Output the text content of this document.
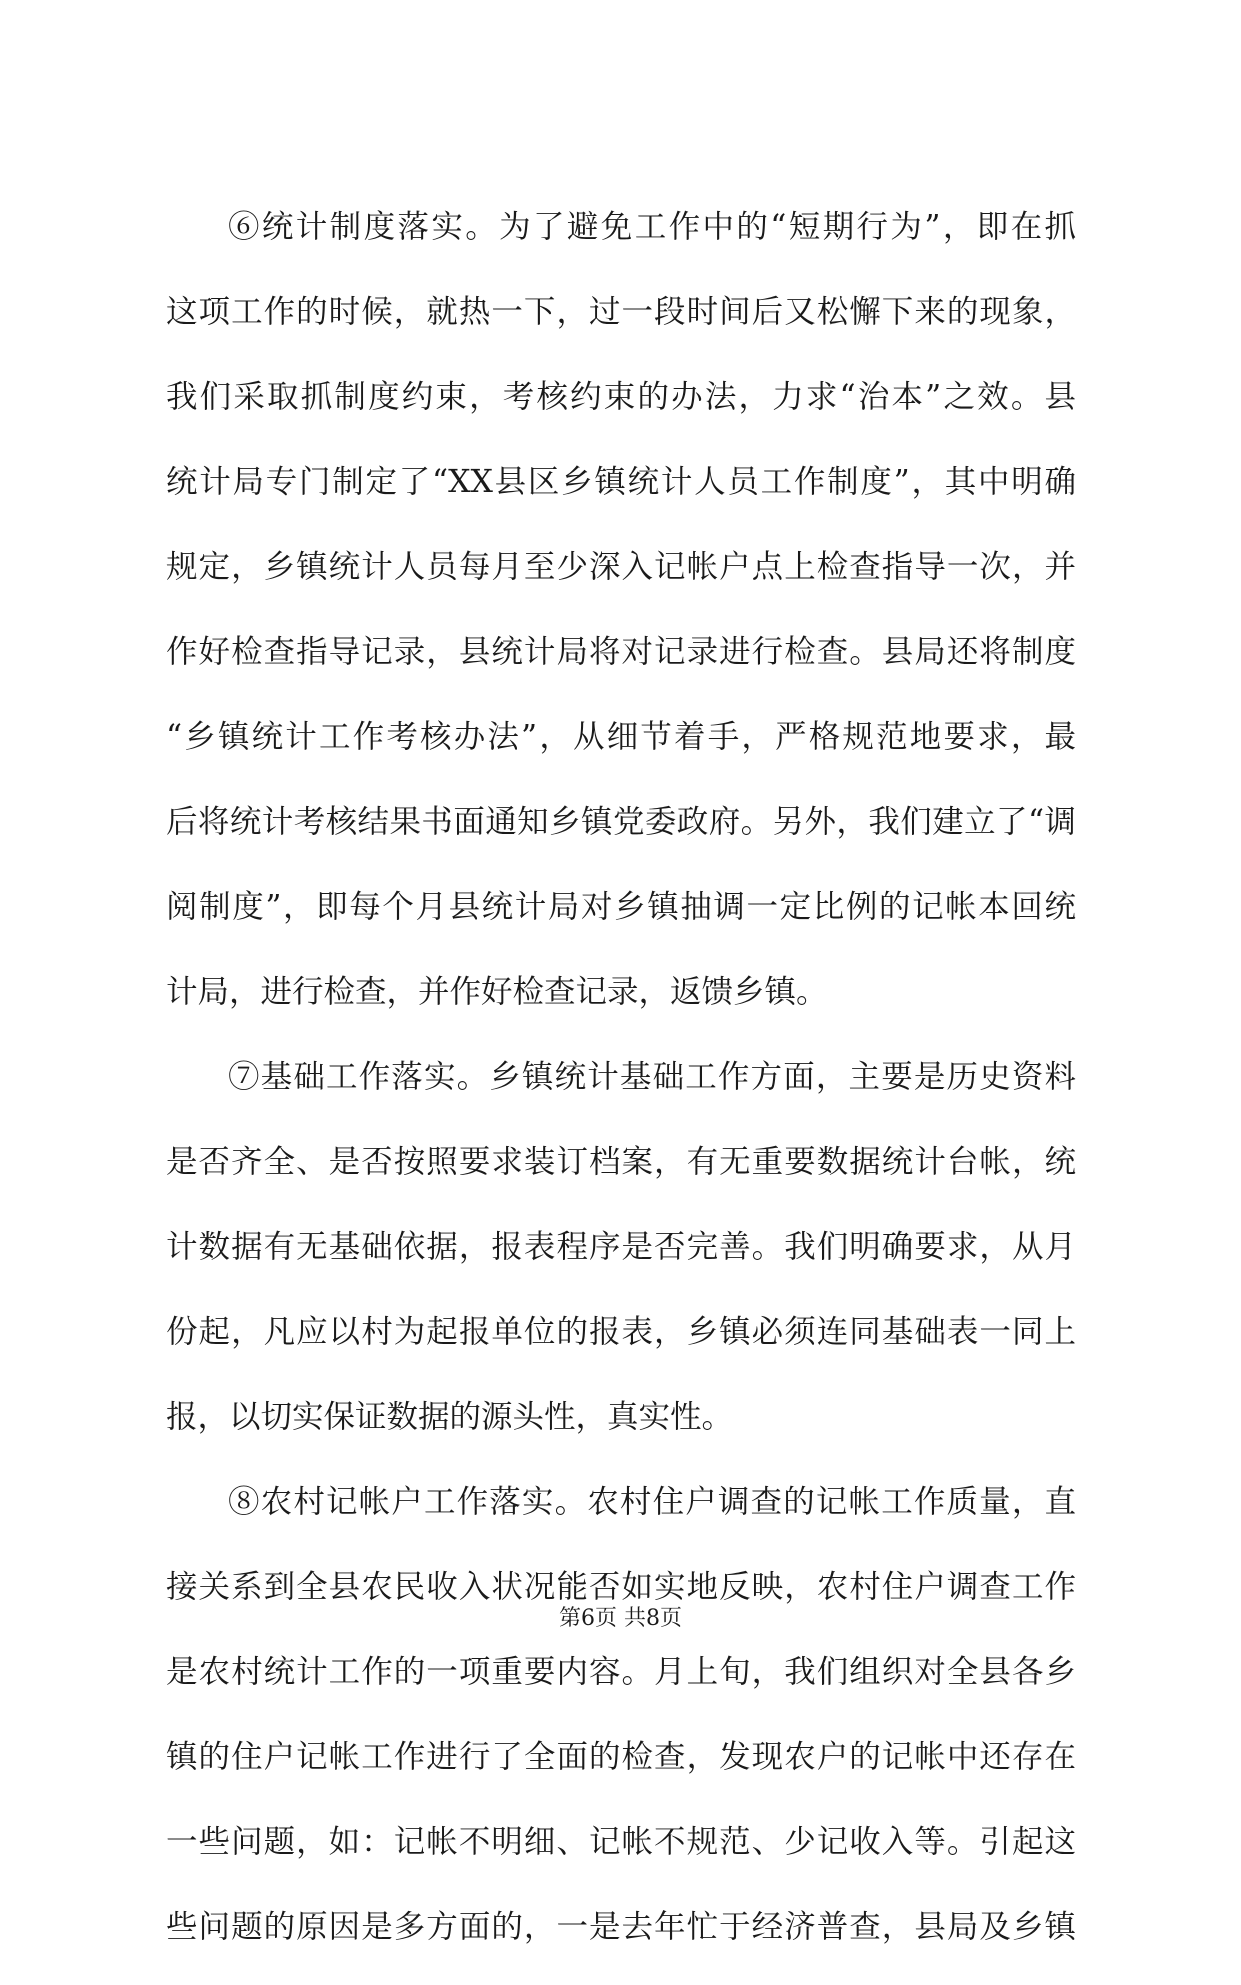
⑥统计制度落实。为了避免工作中的“短期行为”，即在抓
这项工作的时候，就热一下，过一段时间后又松懈下来的现象，
我们采取抓制度约束，考核约束的办法，力求“治本”之效。县
统计局专门制定了“XX县区乡镇统计人员工作制度”，其中明确
规定，乡镇统计人员每月至少深入记帐户点上检查指导一次，并
作好检查指导记录，县统计局将对记录进行检查。县局还将制度
“乡镇统计工作考核办法”，从细节着手，严格规范地要求，最
后将统计考核结果书面通知乡镇党委政府。另外，我们建立了“调
阅制度”，即每个月县统计局对乡镇抽调一定比例的记帐本回统
计局，进行检查，并作好检查记录，返馈乡镇。
⑦基础工作落实。乡镇统计基础工作方面，主要是历史资料
是否齐全、是否按照要求装订档案，有无重要数据统计台帐，统
计数据有无基础依据，报表程序是否完善。我们明确要求，从月
份起，凡应以村为起报单位的报表，乡镇必须连同基础表一同上
报，以切实保证数据的源头性，真实性。
⑧农村记帐户工作落实。农村住户调查的记帐工作质量，直
接关系到全县农民收入状况能否如实地反映，农村住户调查工作
是农村统计工作的一项重要内容。月上旬，我们组织对全县各乡
镇的住户记帐工作进行了全面的检查，发现农户的记帐中还存在
一些问题，如：记帐不明细、记帐不规范、少记收入等。引起这
些问题的原因是多方面的，一是去年忙于经济普查，县局及乡镇
第6页 共8页
